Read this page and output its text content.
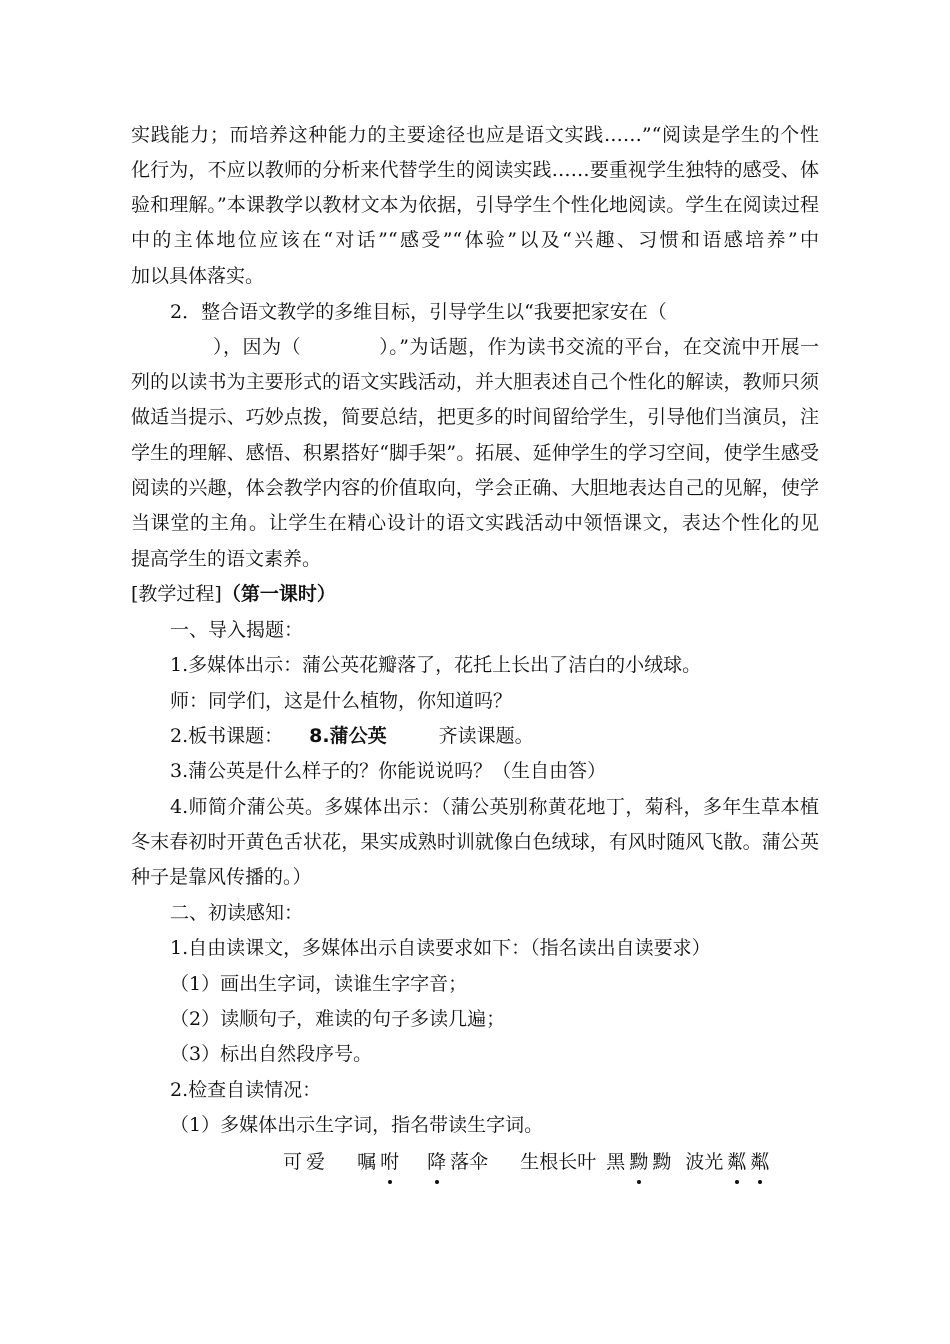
实践能力；而培养这种能力的主要途径也应是语文实践……”“阅读是学生的个性
化行为，不应以教师的分析来代替学生的阅读实践……要重视学生独特的感受、体
验和理解。”本课教学以教材文本为依据，引导学生个性化地阅读。学生在阅读过程
中的主体地位应该在“对话”“感受”“体验”以及“兴趣、习惯和语感培养”中
加以具体落实。
2．整合语文教学的多维目标，引导学生以“我要把家安在（
），因为（　　　　）。”为话题，作为读书交流的平台，在交流中开展一
列的以读书为主要形式的语文实践活动，并大胆表述自己个性化的解读，教师只须
做适当提示、巧妙点拨，简要总结，把更多的时间留给学生，引导他们当演员，注
学生的理解、感悟、积累搭好“脚手架”。拓展、延伸学生的学习空间，使学生感受
阅读的兴趣，体会教学内容的价值取向，学会正确、大胆地表达自己的见解，使学
当课堂的主角。让学生在精心设计的语文实践活动中领悟课文，表达个性化的见
提高学生的语文素养。
[教学过程]（第一课时）
一、导入揭题：
1.多媒体出示：蒲公英花瓣落了，花托上长出了洁白的小绒球。
师：同学们，这是什么植物，你知道吗？
2.板书课题： 8.蒲公英	齐读课题。
3.蒲公英是什么样子的？你能说说吗？（生自由答）
4.师简介蒲公英。多媒体出示：（蒲公英别称黄花地丁，菊科，多年生草本植
冬末春初时开黄色舌状花，果实成熟时训就像白色绒球，有风时随风飞散。蒲公英
种子是靠风传播的。）
二、初读感知：
1.自由读课文，多媒体出示自读要求如下：（指名读出自读要求）
（1）画出生字词，读谁生字字音；
（2）读顺句子，难读的句子多读几遍；
（3）标出自然段序号。
2.检查自读情况：
（1）多媒体出示生字词，指名带读生字词。
可 爱 嘱 咐 降 落伞 生根长叶 黑 黝 黝 波光 粼 粼
